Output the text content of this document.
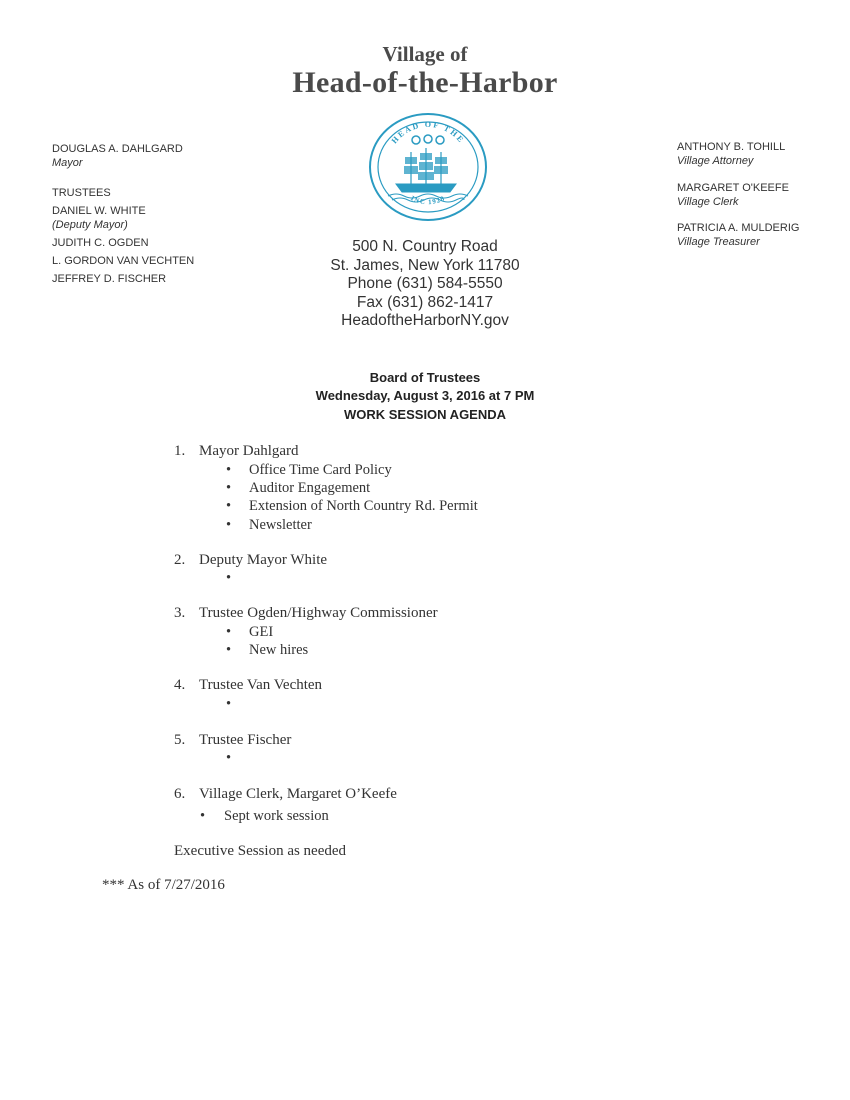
Village of
Head-of-the-Harbor
DOUGLAS A. DAHLGARD
Mayor
TRUSTEES
DANIEL W. WHITE
(Deputy Mayor)
JUDITH C. OGDEN
L. GORDON VAN VECHTEN
JEFFREY D. FISCHER
HEAD OF THE
INC 1928
ANTHONY B. TOHILL
Village Attorney
MARGARET O'KEEFE
Village Clerk
PATRICIA A. MULDERIG
Village Treasurer
500 N. Country Road
St. James, New York 11780
Phone (631) 584-5550
Fax (631) 862-1417
HeadoftheHarborNY.gov
Board of Trustees
Wednesday, August 3, 2016 at 7 PM
WORK SESSION AGENDA
1. Mayor Dahlgard
• Office Time Card Policy
• Auditor Engagement
• Extension of North Country Rd. Permit
• Newsletter
2. Deputy Mayor White
•
3. Trustee Ogden/Highway Commissioner
• GEI
• New hires
4. Trustee Van Vechten
•
5. Trustee Fischer
•
6. Village Clerk, Margaret O’Keefe
• Sept work session
Executive Session as needed
*** As of 7/27/2016
